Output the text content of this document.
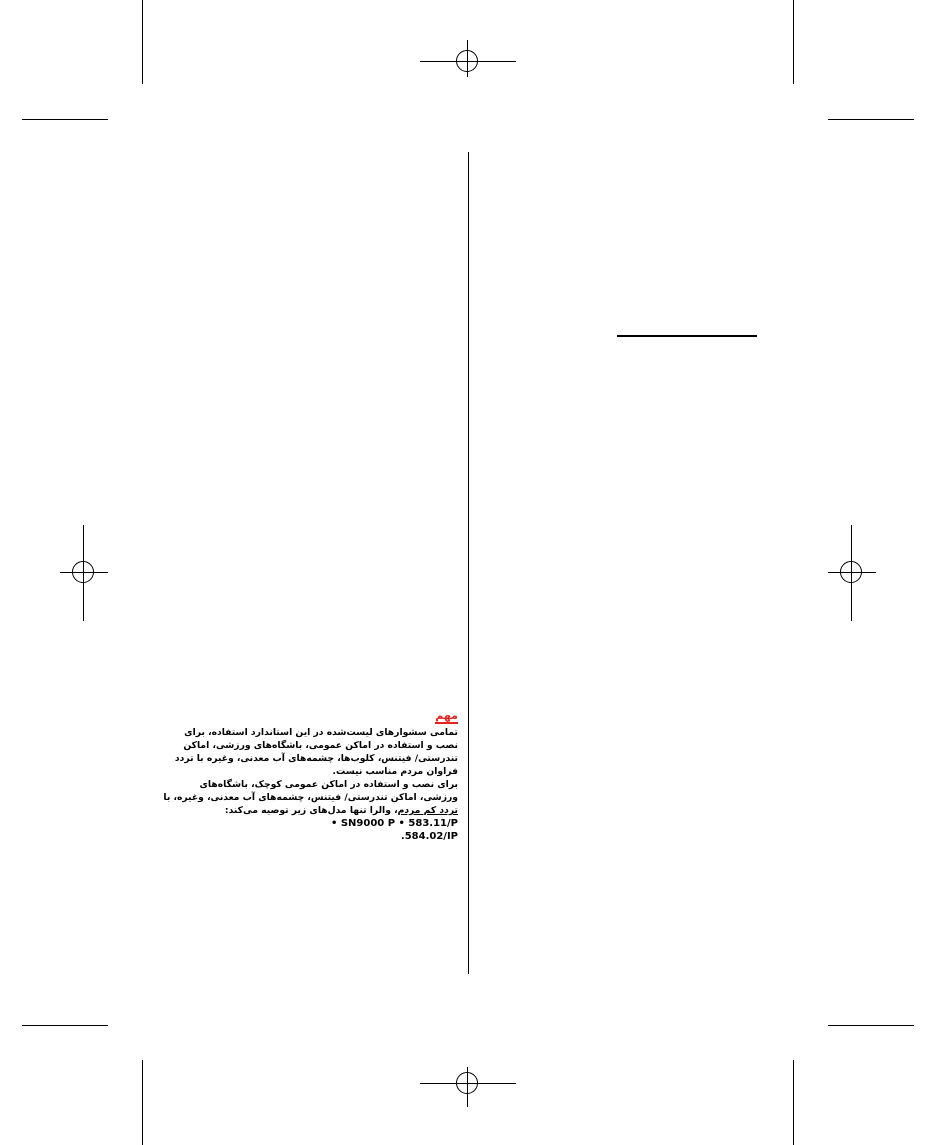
مهم

تمامی سشوارهای لیست‌شده در این استاندارد استفاده، برای نصب و استفاده در اماکن عمومی، باشگاه‌های ورزشی، اماکن تندرستی/ فیتنس، کلوب‌ها، چشمه‌های آب معدنی، وغیره با تردد فراوان مردم مناسب نیست.

برای نصب و استفاده در اماکن عمومی کوچک، باشگاه‌های ورزشی، اماکن تندرستی/ فیتنس، چشمه‌های آب معدنی، وغیره، با تردد کم مردم، والرا تنها مدل‌های زیر توصیه می‌کند:
• SN9000 P • 583.11/P
.584.02/IP
